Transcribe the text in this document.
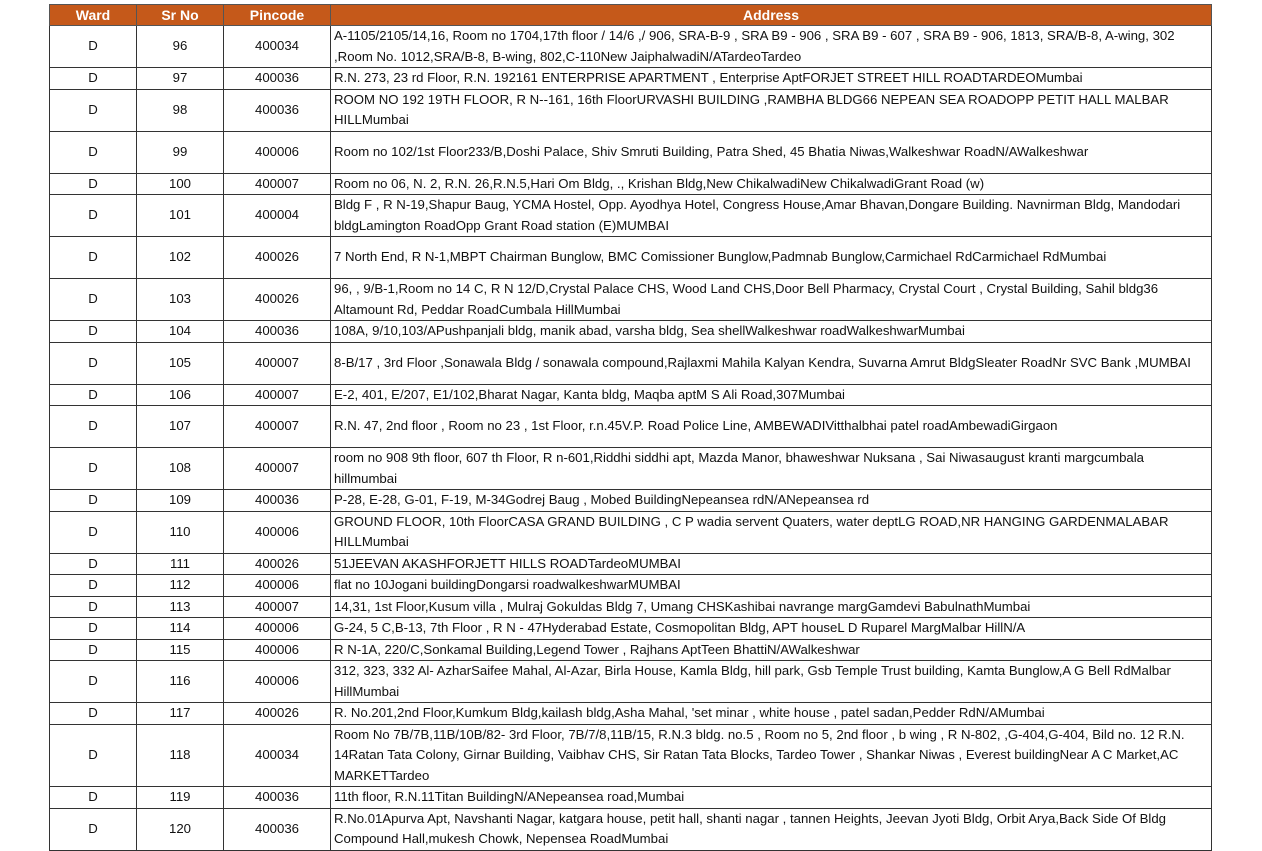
Ward	Sr No	Pincode	Address
D	96	400034	A-1105/2105/14,16, Room no 1704,17th floor / 14/6 ,/ 906, SRA-B-9 , SRA B9 - 906 , SRA B9 - 607 , SRA B9 - 906, 1813, SRA/B-8, A-wing, 302 ,Room No. 1012,SRA/B-8, B-wing, 802,C-110New JaiphalwadiN/ATardeoTardeo
D	97	400036	R.N. 273, 23 rd Floor, R.N. 192161 ENTERPRISE APARTMENT , Enterprise AptFORJET STREET HILL ROADTARDEOMumbai
D	98	400036	ROOM NO 192 19TH FLOOR, R N--161, 16th FloorURVASHI BUILDING ,RAMBHA BLDG66 NEPEAN SEA ROADOPP PETIT HALL MALBAR HILLMumbai
D	99	400006	Room no 102/1st Floor233/B,Doshi Palace, Shiv Smruti Building, Patra Shed, 45 Bhatia Niwas,Walkeshwar RoadN/AWalkeshwar
D	100	400007	Room no 06, N. 2, R.N. 26,R.N.5,Hari Om Bldg, ., Krishan Bldg,New ChikalwadiNew ChikalwadiGrant Road (w)
D	101	400004	Bldg F , R N-19,Shapur Baug, YCMA Hostel, Opp. Ayodhya Hotel, Congress House,Amar Bhavan,Dongare Building. Navnirman Bldg, Mandodari bldgLamington RoadOpp Grant Road station (E)MUMBAI
D	102	400026	7 North End, R N-1,MBPT Chairman Bunglow, BMC Comissioner Bunglow,Padmnab Bunglow,Carmichael RdCarmichael RdMumbai
D	103	400026	96, , 9/B-1,Room no 14 C, R N 12/D,Crystal Palace CHS, Wood Land CHS,Door Bell Pharmacy, Crystal Court , Crystal Building, Sahil bldg36 Altamount Rd, Peddar RoadCumbala HillMumbai
D	104	400036	108A, 9/10,103/APushpanjali bldg, manik abad, varsha bldg, Sea shellWalkeshwar roadWalkeshwarMumbai
D	105	400007	8-B/17 , 3rd Floor ,Sonawala Bldg / sonawala compound,Rajlaxmi Mahila Kalyan Kendra, Suvarna Amrut BldgSleater RoadNr SVC Bank ,MUMBAI
D	106	400007	E-2, 401, E/207, E1/102,Bharat Nagar, Kanta bldg, Maqba aptM S Ali Road,307Mumbai
D	107	400007	R.N. 47, 2nd floor , Room no 23 , 1st Floor, r.n.45V.P. Road Police Line, AMBEWADIVitthalbhai patel roadAmbewadiGirgaon
D	108	400007	room no 908 9th floor, 607 th Floor, R n-601,Riddhi siddhi apt, Mazda Manor, bhaweshwar Nuksana , Sai Niwasaugust kranti margcumbala hillmumbai
D	109	400036	P-28, E-28, G-01, F-19, M-34Godrej Baug , Mobed BuildingNepeansea rdN/ANepeansea rd
D	110	400006	GROUND FLOOR, 10th FloorCASA GRAND BUILDING , C P wadia servent Quaters, water deptLG ROAD,NR HANGING GARDENMALABAR HILLMumbai
D	111	400026	51JEEVAN AKASHFORJETT HILLS ROADTardeoMUMBAI
D	112	400006	flat no 10Jogani buildingDongarsi roadwalkeshwarMUMBAI
D	113	400007	14,31, 1st Floor,Kusum villa , Mulraj Gokuldas Bldg 7, Umang CHSKashibai navrange margGamdevi BabulnathMumbai
D	114	400006	G-24, 5 C,B-13, 7th Floor , R N - 47Hyderabad Estate, Cosmopolitan Bldg, APT houseL D Ruparel MargMalbar HillN/A
D	115	400006	R N-1A, 220/C,Sonkamal Building,Legend Tower , Rajhans AptTeen BhattiN/AWalkeshwar
D	116	400006	312, 323, 332 Al- AzharSaifee Mahal, Al-Azar, Birla House, Kamla Bldg, hill park, Gsb Temple Trust building, Kamta Bunglow,A G Bell RdMalbar HillMumbai
D	117	400026	R. No.201,2nd Floor,Kumkum Bldg,kailash bldg,Asha Mahal, 'set minar , white house , patel sadan,Pedder RdN/AMumbai
D	118	400034	Room No 7B/7B,11B/10B/82- 3rd Floor, 7B/7/8,11B/15, R.N.3 bldg. no.5 , Room no 5, 2nd floor , b wing , R N-802, ,G-404,G-404, Bild no. 12 R.N. 14Ratan Tata Colony, Girnar Building, Vaibhav CHS, Sir Ratan Tata Blocks, Tardeo Tower , Shankar Niwas , Everest buildingNear A C Market,AC MARKETTardeo
D	119	400036	11th floor, R.N.11Titan BuildingN/ANepeansea road,Mumbai
D	120	400036	R.No.01Apurva Apt, Navshanti Nagar, katgara house, petit hall, shanti nagar , tannen Heights, Jeevan Jyoti Bldg, Orbit Arya,Back Side Of Bldg Compound Hall,mukesh Chowk, Nepensea RoadMumbai
